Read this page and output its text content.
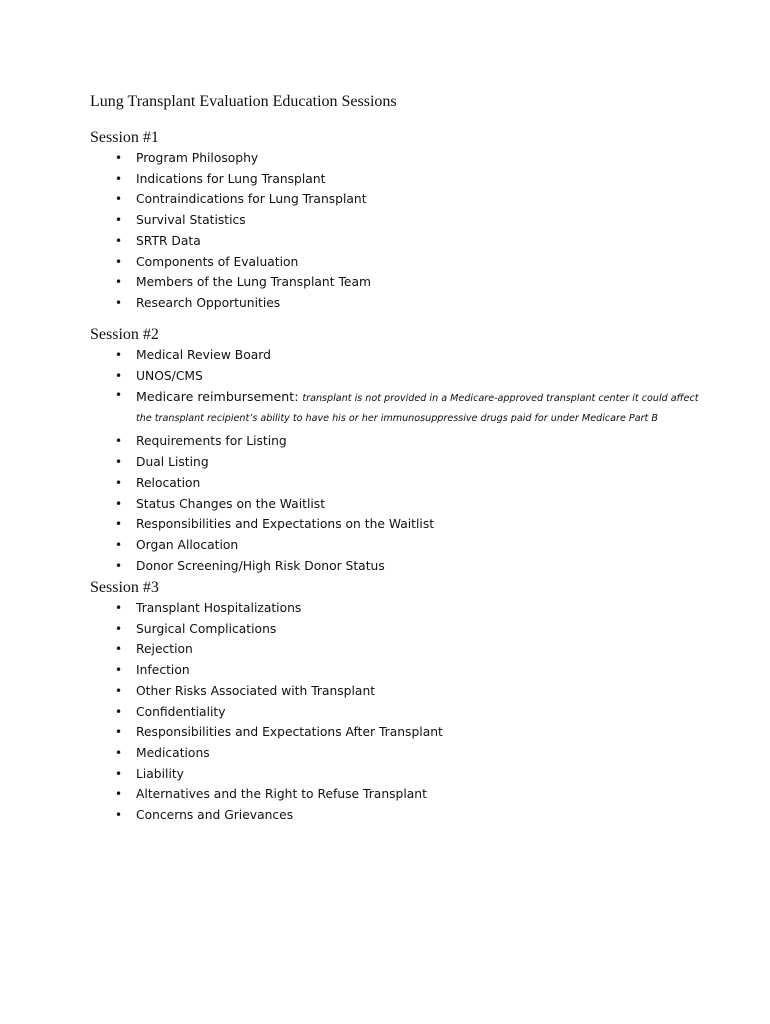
Lung Transplant Evaluation Education Sessions
Session #1
• Program Philosophy
• Indications for Lung Transplant
• Contraindications for Lung Transplant
• Survival Statistics
• SRTR Data
• Components of Evaluation
• Members of the Lung Transplant Team
• Research Opportunities
Session #2
• Medical Review Board
• UNOS/CMS
• Medicare reimbursement: transplant is not provided in a Medicare-approved transplant center it could affect
the transplant recipient’s ability to have his or her immunosuppressive drugs paid for under Medicare Part B
• Requirements for Listing
• Dual Listing
• Relocation
• Status Changes on the Waitlist
• Responsibilities and Expectations on the Waitlist
• Organ Allocation
• Donor Screening/High Risk Donor Status
Session #3
• Transplant Hospitalizations
• Surgical Complications
• Rejection
• Infection
• Other Risks Associated with Transplant
• Confidentiality
• Responsibilities and Expectations After Transplant
• Medications
• Liability
• Alternatives and the Right to Refuse Transplant
• Concerns and Grievances
